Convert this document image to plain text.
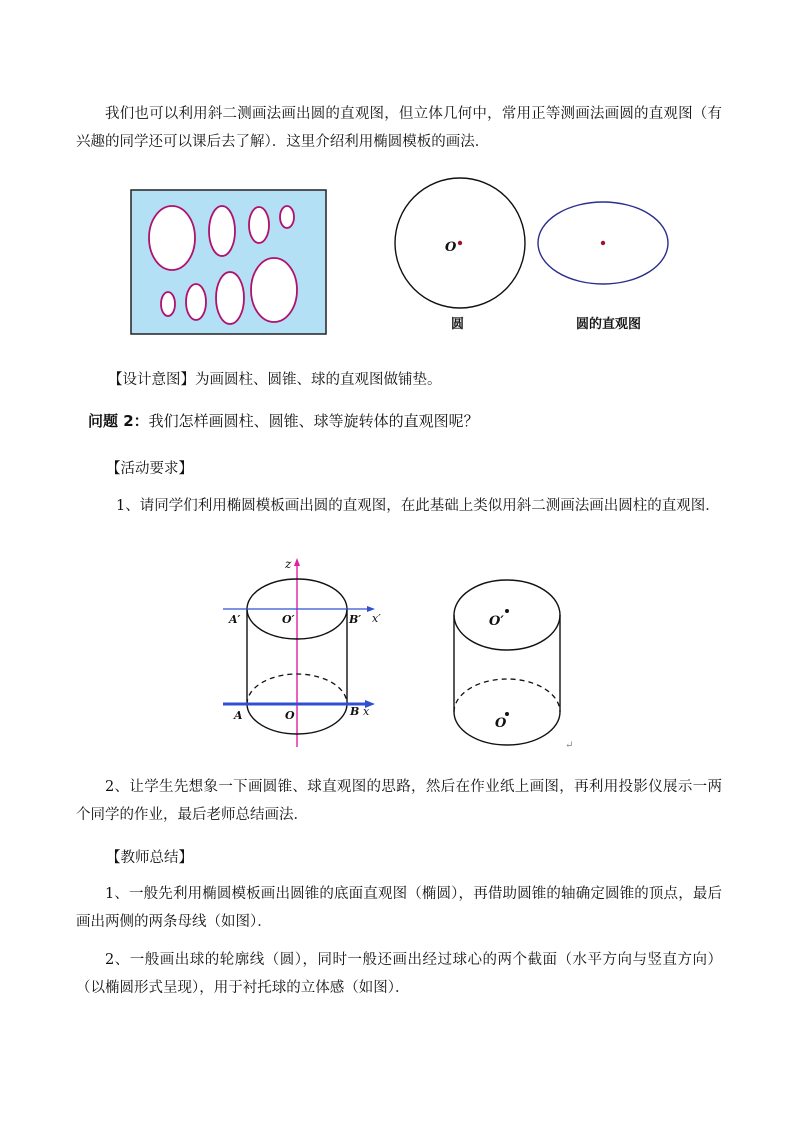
我们也可以利用斜二测画法画出圆的直观图，但立体几何中，常用正等测画法画圆的直观图（有兴趣的同学还可以课后去了解）．这里介绍利用椭圆模板的画法．

O
圆	圆的直观图

【设计意图】为画圆柱、圆锥、球的直观图做铺垫。

问题 2：我们怎样画圆柱、圆锥、球等旋转体的直观图呢？

【活动要求】

1、请同学们利用椭圆模板画出圆的直观图，在此基础上类似用斜二测画法画出圆柱的直观图．

z
A′	O′	B′ x′
A	O	B x
O′
O
↵

2、让学生先想象一下画圆锥、球直观图的思路，然后在作业纸上画图，再利用投影仪展示一两个同学的作业，最后老师总结画法．

【教师总结】

1、一般先利用椭圆模板画出圆锥的底面直观图（椭圆），再借助圆锥的轴确定圆锥的顶点，最后画出两侧的两条母线（如图）．

2、一般画出球的轮廓线（圆），同时一般还画出经过球心的两个截面（水平方向与竖直方向）（以椭圆形式呈现），用于衬托球的立体感（如图）．
